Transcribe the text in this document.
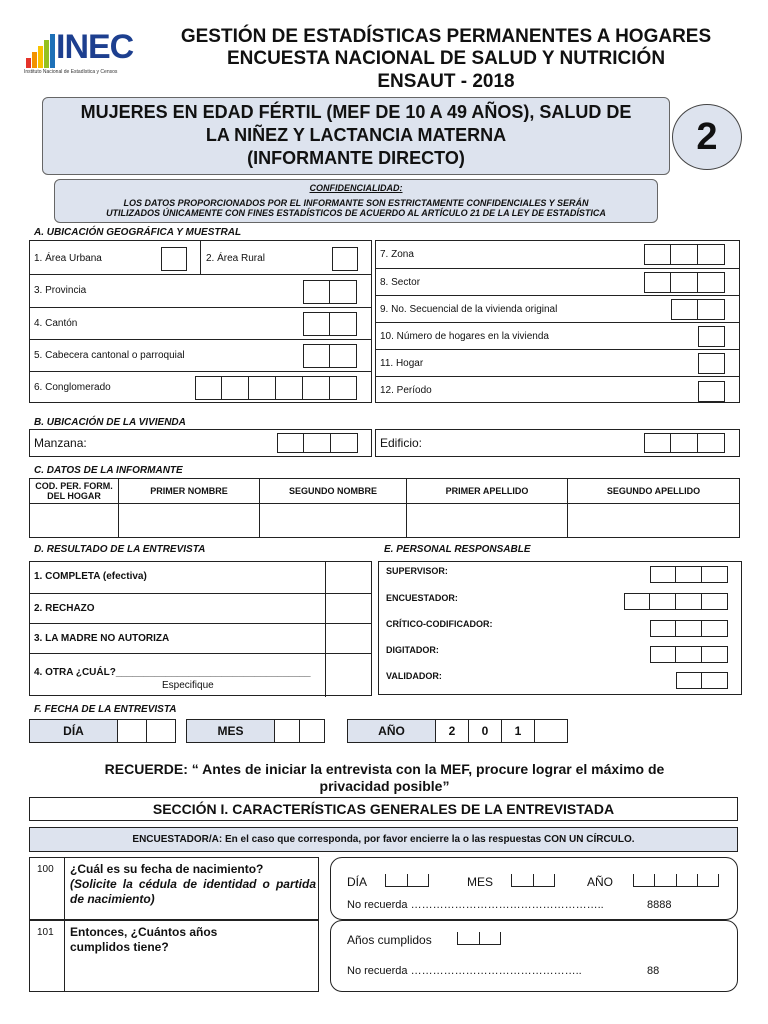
INEC
Instituto Nacional de Estadística y Censos
GESTIÓN DE ESTADÍSTICAS PERMANENTES A HOGARES
ENCUESTA NACIONAL DE SALUD Y NUTRICIÓN
ENSAUT - 2018
MUJERES EN EDAD FÉRTIL (MEF DE 10 A 49 AÑOS), SALUD DE
LA NIÑEZ Y LACTANCIA MATERNA
(INFORMANTE DIRECTO)
2
CONFIDENCIALIDAD:
LOS DATOS PROPORCIONADOS POR EL INFORMANTE SON ESTRICTAMENTE CONFIDENCIALES Y SERÁN
UTILIZADOS ÚNICAMENTE CON FINES ESTADÍSTICOS DE ACUERDO AL ARTÍCULO 21 DE LA LEY DE ESTADÍSTICA
A. UBICACIÓN GEOGRÁFICA Y MUESTRAL
1. Área Urbana	2. Área Rural
3. Provincia
4. Cantón
5. Cabecera cantonal o parroquial
6. Conglomerado
7. Zona
8. Sector
9. No. Secuencial de la vivienda original
10. Número de hogares en la vivienda
11. Hogar
12. Período
B. UBICACIÓN DE LA VIVIENDA
Manzana:	Edificio:
C. DATOS DE LA INFORMANTE
COD. PER. FORM.
DEL HOGAR	PRIMER NOMBRE	SEGUNDO NOMBRE	PRIMER APELLIDO	SEGUNDO APELLIDO
D. RESULTADO DE LA ENTREVISTA
1. COMPLETA (efectiva)
2. RECHAZO
3. LA MADRE NO AUTORIZA
4. OTRA ¿CUÁL?___________________________________
Especifique
E. PERSONAL RESPONSABLE
SUPERVISOR:
ENCUESTADOR:
CRÍTICO-CODIFICADOR:
DIGITADOR:
VALIDADOR:
F. FECHA DE LA ENTREVISTA
DÍA	MES	AÑO	2	0	1
RECUERDE: “ Antes de iniciar la entrevista con la MEF, procure lograr el máximo de
privacidad posible”
SECCIÓN I. CARACTERÍSTICAS GENERALES DE LA ENTREVISTADA
ENCUESTADOR/A: En el caso que corresponda, por favor encierre la o las respuestas CON UN CÍRCULO.
100 ¿Cuál es su fecha de nacimiento?
(Solicite la cédula de identidad o partida de nacimiento)
DÍA	MES	AÑO
No recuerda ……………………………………………..	8888
101 Entonces, ¿Cuántos años cumplidos tiene?	Años cumplidos
No recuerda ………………………………………..	88
